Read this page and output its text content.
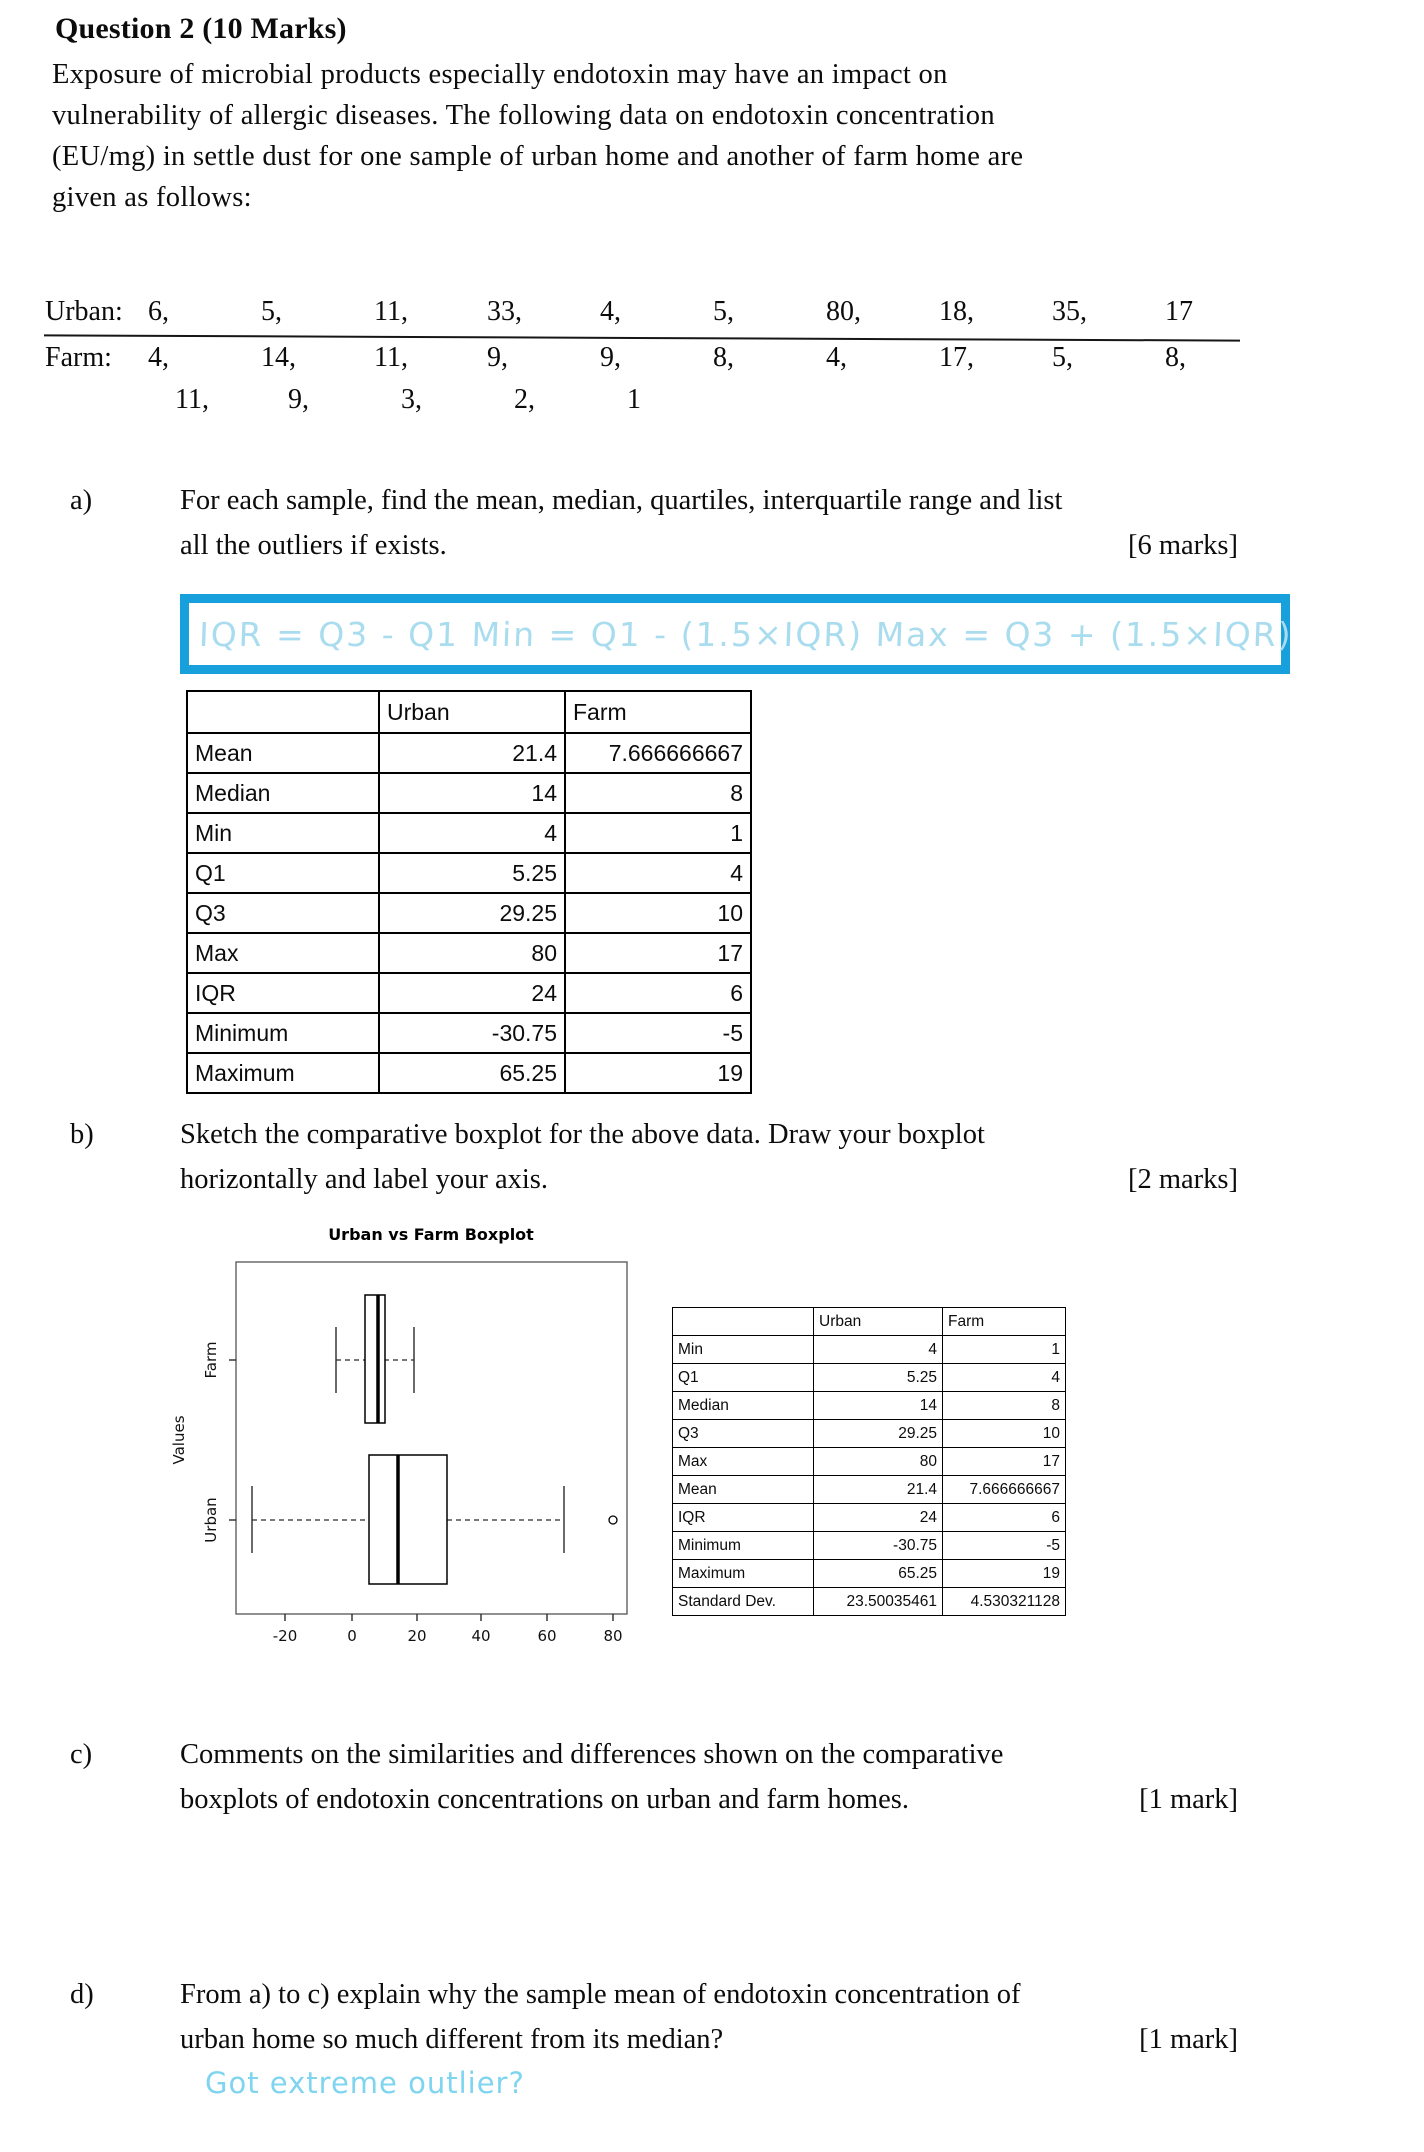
Question 2 (10 Marks)
Exposure of microbial products especially endotoxin may have an impact on
vulnerability of allergic diseases. The following data on endotoxin concentration
(EU/mg) in settle dust for one sample of urban home and another of farm home are
given as follows:
Urban: 6,	5,	11,	33,	4,	5,	80,	18,	35,	17
Farm: 4,	14,	11,	9,	9,	8,	4,	17,	5,	8,
11,	9,	3,	2,	1
a)	For each sample, find the mean, median, quartiles, interquartile range and list
[6 marks]
all the outliers if exists.
IQR = Q3 - Q1 Min = Q1 - (1.5×IQR) Max = Q3 + (1.5×IQR)
	Urban	Farm
Mean	21.4	7.666666667
Median	14	8
Min	4	1
Q1	5.25	4
Q3	29.25	10
Max	80	17
IQR	24	6
Minimum	-30.75	-5
Maximum	65.25	19
b)	Sketch the comparative boxplot for the above data. Draw your boxplot
[2 marks]
horizontally and label your axis.
Urban vs Farm Boxplot
-20	0	20	40	60	80
Farm
Urban
Values
	Urban	Farm
Min	4	1
Q1	5.25	4
Median	14	8
Q3	29.25	10
Max	80	17
Mean	21.4	7.666666667
IQR	24	6
Minimum	-30.75	-5
Maximum	65.25	19
Standard Dev.	23.50035461	4.530321128
c)	Comments on the similarities and differences shown on the comparative
[1 mark]
boxplots of endotoxin concentrations on urban and farm homes.
d)	From a) to c) explain why the sample mean of endotoxin concentration of
[1 mark]
urban home so much different from its median?
Got extreme outlier?
